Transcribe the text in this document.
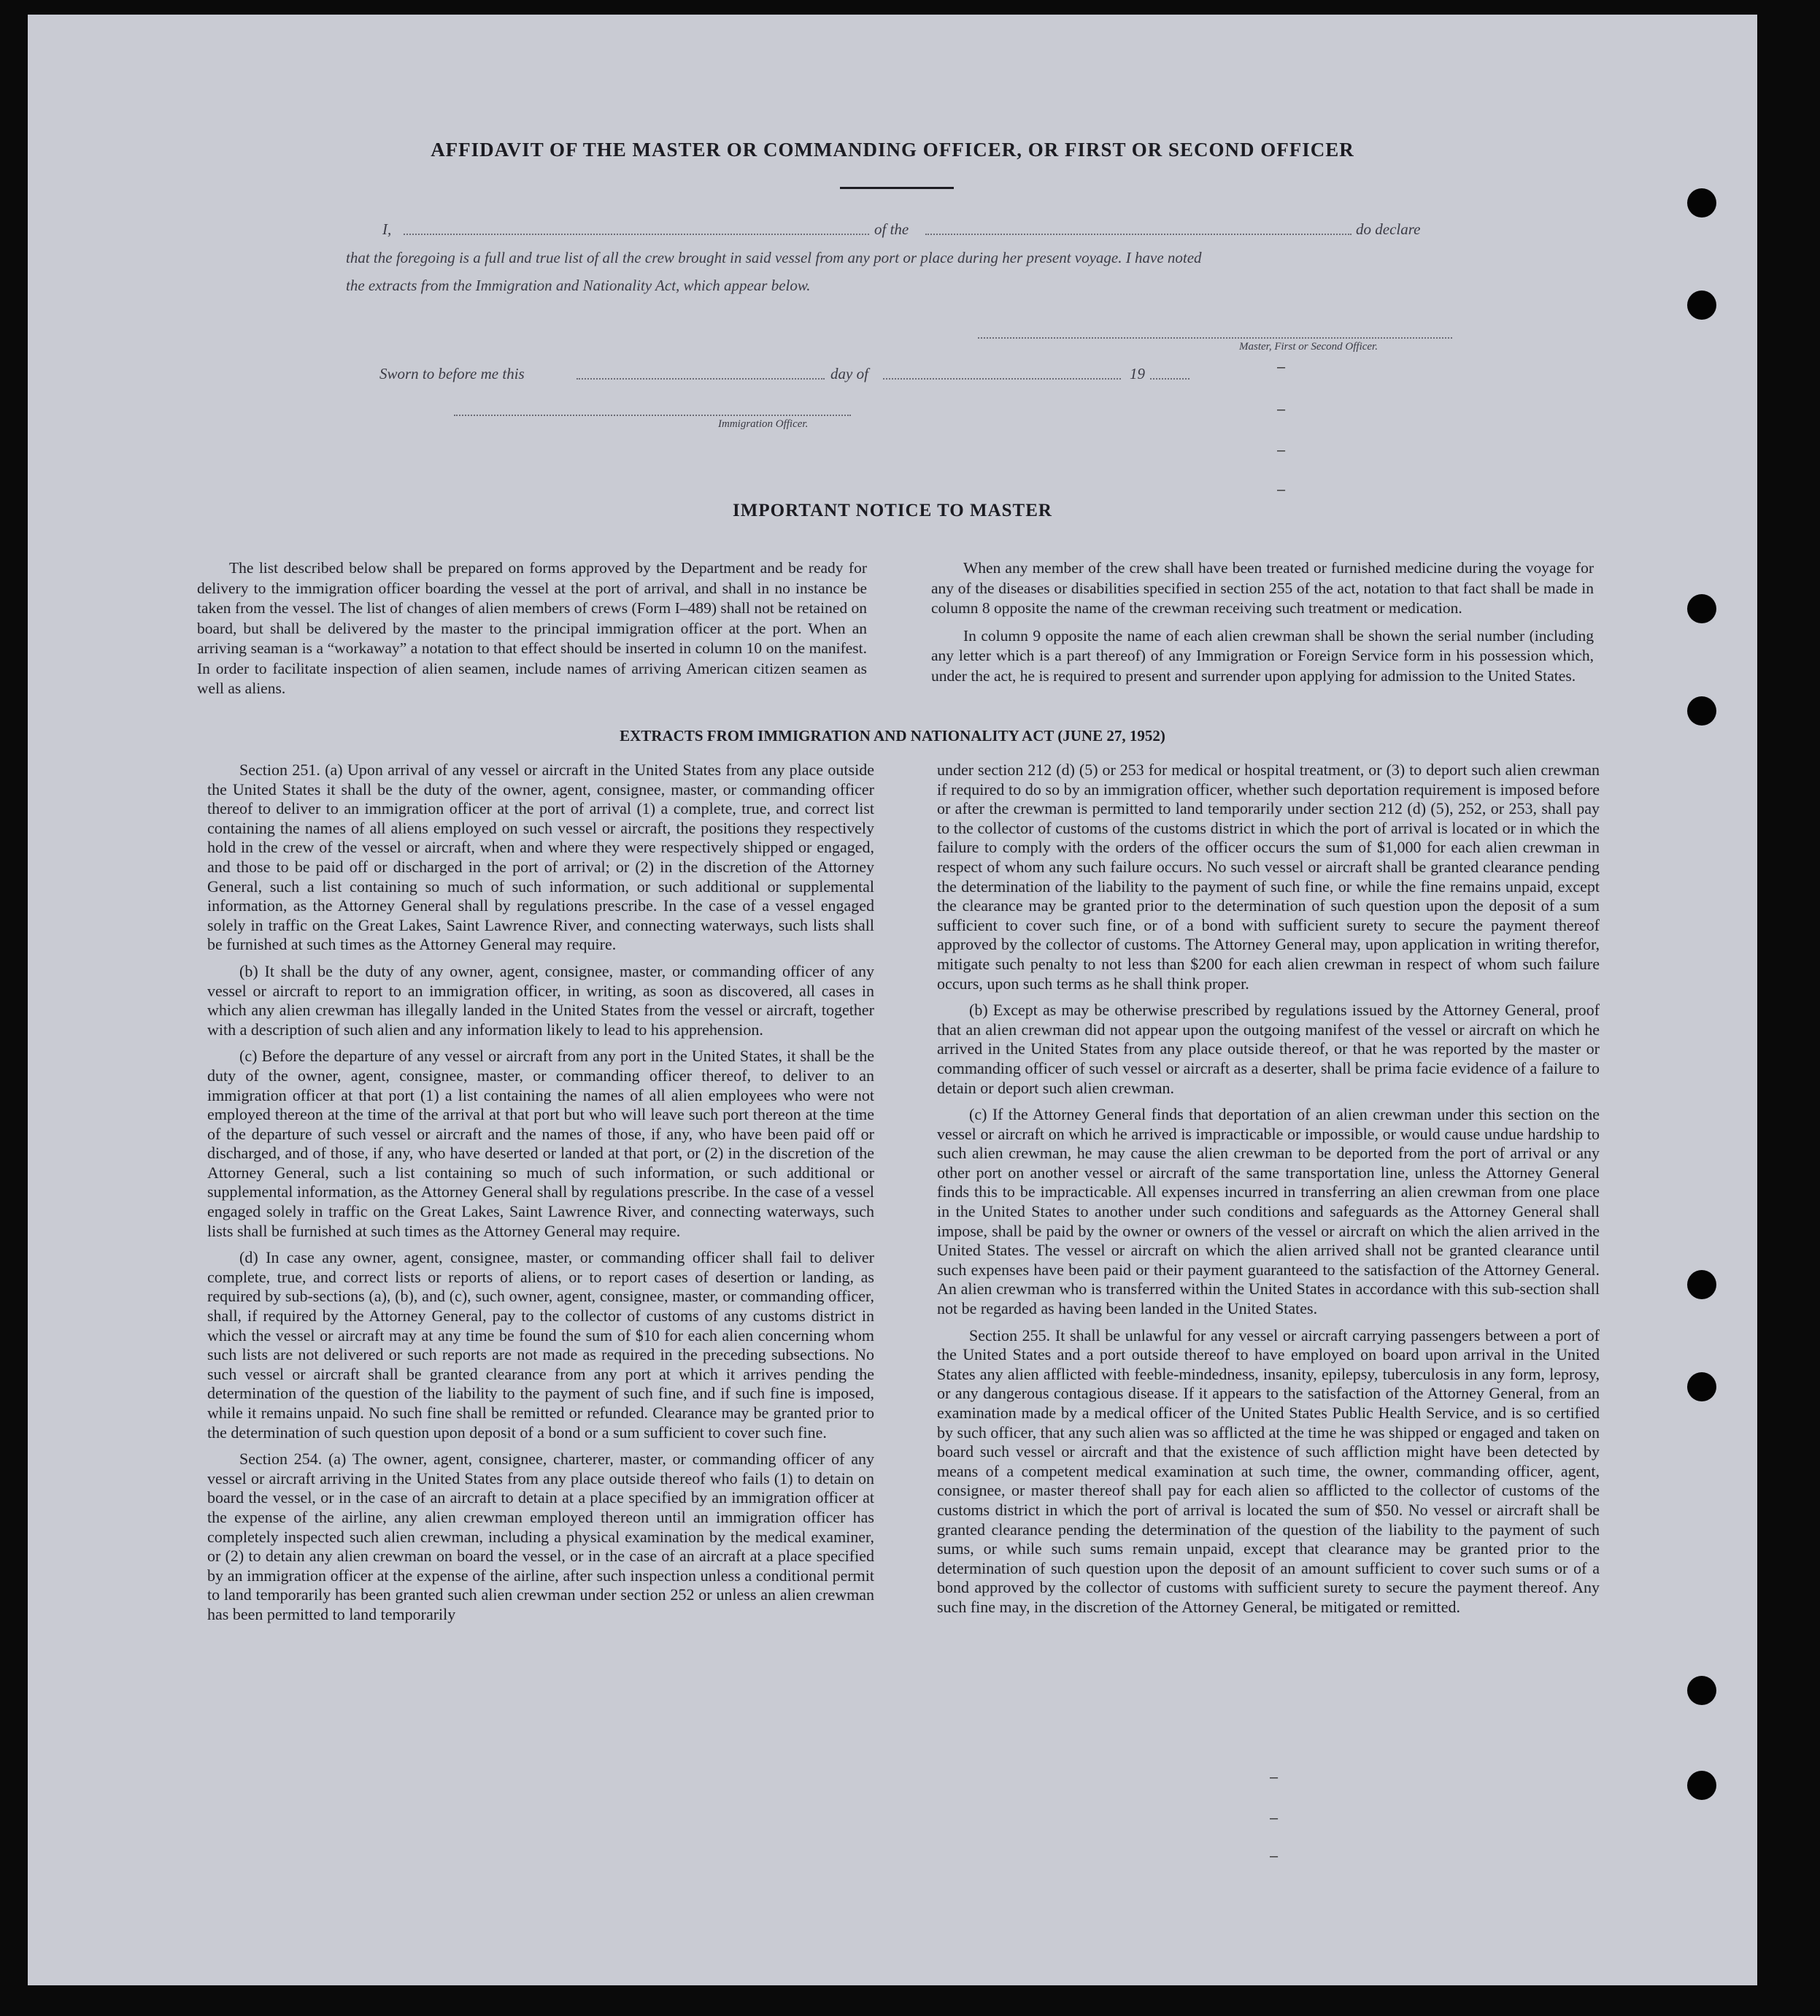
AFFIDAVIT OF THE MASTER OR COMMANDING OFFICER, OR FIRST OR SECOND OFFICER
I,	of the	do declare
that the foregoing is a full and true list of all the crew brought in said vessel from any port or place during her present voyage. I have noted
the extracts from the Immigration and Nationality Act, which appear below.
Master, First or Second Officer.
Sworn to before me this	day of	19
Immigration Officer.
IMPORTANT NOTICE TO MASTER

The list described below shall be prepared on forms approved by the Department and be ready for delivery to the immigration officer boarding the vessel at the port of arrival, and shall in no instance be taken from the vessel. The list of changes of alien members of crews (Form I–489) shall not be retained on board, but shall be delivered by the master to the principal immigration officer at the port. When an arriving seaman is a “workaway” a notation to that effect should be inserted in column 10 on the manifest. In order to facilitate inspection of alien seamen, include names of arriving American citizen seamen as well as aliens.

When any member of the crew shall have been treated or furnished medicine during the voyage for any of the diseases or disabilities specified in section 255 of the act, notation to that fact shall be made in column 8 opposite the name of the crewman receiving such treatment or medication.

In column 9 opposite the name of each alien crewman shall be shown the serial number (including any letter which is a part thereof) of any Immigration or Foreign Service form in his possession which, under the act, he is required to present and surrender upon applying for admission to the United States.

EXTRACTS FROM IMMIGRATION AND NATIONALITY ACT (JUNE 27, 1952)

Section 251. (a) Upon arrival of any vessel or aircraft in the United States from any place outside the United States it shall be the duty of the owner, agent, consignee, master, or commanding officer thereof to deliver to an immigration officer at the port of arrival (1) a complete, true, and correct list containing the names of all aliens employed on such vessel or aircraft, the positions they respectively hold in the crew of the vessel or aircraft, when and where they were respectively shipped or engaged, and those to be paid off or discharged in the port of arrival; or (2) in the discretion of the Attorney General, such a list containing so much of such information, or such additional or supplemental information, as the Attorney General shall by regulations prescribe. In the case of a vessel engaged solely in traffic on the Great Lakes, Saint Lawrence River, and connecting waterways, such lists shall be furnished at such times as the Attorney General may require.

(b) It shall be the duty of any owner, agent, consignee, master, or commanding officer of any vessel or aircraft to report to an immigration officer, in writing, as soon as discovered, all cases in which any alien crewman has illegally landed in the United States from the vessel or aircraft, together with a description of such alien and any information likely to lead to his apprehension.

(c) Before the departure of any vessel or aircraft from any port in the United States, it shall be the duty of the owner, agent, consignee, master, or commanding officer thereof, to deliver to an immigration officer at that port (1) a list containing the names of all alien employees who were not employed thereon at the time of the arrival at that port but who will leave such port thereon at the time of the departure of such vessel or aircraft and the names of those, if any, who have been paid off or discharged, and of those, if any, who have deserted or landed at that port, or (2) in the discretion of the Attorney General, such a list containing so much of such information, or such additional or supplemental information, as the Attorney General shall by regulations prescribe. In the case of a vessel engaged solely in traffic on the Great Lakes, Saint Lawrence River, and connecting waterways, such lists shall be furnished at such times as the Attorney General may require.

(d) In case any owner, agent, consignee, master, or commanding officer shall fail to deliver complete, true, and correct lists or reports of aliens, or to report cases of desertion or landing, as required by sub-sections (a), (b), and (c), such owner, agent, consignee, master, or commanding officer, shall, if required by the Attorney General, pay to the collector of customs of any customs district in which the vessel or aircraft may at any time be found the sum of $10 for each alien concerning whom such lists are not delivered or such reports are not made as required in the preceding subsections. No such vessel or aircraft shall be granted clearance from any port at which it arrives pending the determination of the question of the liability to the payment of such fine, and if such fine is imposed, while it remains unpaid. No such fine shall be remitted or refunded. Clearance may be granted prior to the determination of such question upon deposit of a bond or a sum sufficient to cover such fine.

Section 254. (a) The owner, agent, consignee, charterer, master, or commanding officer of any vessel or aircraft arriving in the United States from any place outside thereof who fails (1) to detain on board the vessel, or in the case of an aircraft to detain at a place specified by an immigration officer at the expense of the airline, any alien crewman employed thereon until an immigration officer has completely inspected such alien crewman, including a physical examination by the medical examiner, or (2) to detain any alien crewman on board the vessel, or in the case of an aircraft at a place specified by an immigration officer at the expense of the airline, after such inspection unless a conditional permit to land temporarily has been granted such alien crewman under section 252 or unless an alien crewman has been permitted to land temporarily

under section 212 (d) (5) or 253 for medical or hospital treatment, or (3) to deport such alien crewman if required to do so by an immigration officer, whether such deportation requirement is imposed before or after the crewman is permitted to land temporarily under section 212 (d) (5), 252, or 253, shall pay to the collector of customs of the customs district in which the port of arrival is located or in which the failure to comply with the orders of the officer occurs the sum of $1,000 for each alien crewman in respect of whom any such failure occurs. No such vessel or aircraft shall be granted clearance pending the determination of the liability to the payment of such fine, or while the fine remains unpaid, except the clearance may be granted prior to the determination of such question upon the deposit of a sum sufficient to cover such fine, or of a bond with sufficient surety to secure the payment thereof approved by the collector of customs. The Attorney General may, upon application in writing therefor, mitigate such penalty to not less than $200 for each alien crewman in respect of whom such failure occurs, upon such terms as he shall think proper.

(b) Except as may be otherwise prescribed by regulations issued by the Attorney General, proof that an alien crewman did not appear upon the outgoing manifest of the vessel or aircraft on which he arrived in the United States from any place outside thereof, or that he was reported by the master or commanding officer of such vessel or aircraft as a deserter, shall be prima facie evidence of a failure to detain or deport such alien crewman.

(c) If the Attorney General finds that deportation of an alien crewman under this section on the vessel or aircraft on which he arrived is impracticable or impossible, or would cause undue hardship to such alien crewman, he may cause the alien crewman to be deported from the port of arrival or any other port on another vessel or aircraft of the same transportation line, unless the Attorney General finds this to be impracticable. All expenses incurred in transferring an alien crewman from one place in the United States to another under such conditions and safeguards as the Attorney General shall impose, shall be paid by the owner or owners of the vessel or aircraft on which the alien arrived in the United States. The vessel or aircraft on which the alien arrived shall not be granted clearance until such expenses have been paid or their payment guaranteed to the satisfaction of the Attorney General. An alien crewman who is transferred within the United States in accordance with this sub-section shall not be regarded as having been landed in the United States.

Section 255. It shall be unlawful for any vessel or aircraft carrying passengers between a port of the United States and a port outside thereof to have employed on board upon arrival in the United States any alien afflicted with feeble-mindedness, insanity, epilepsy, tuberculosis in any form, leprosy, or any dangerous contagious disease. If it appears to the satisfaction of the Attorney General, from an examination made by a medical officer of the United States Public Health Service, and is so certified by such officer, that any such alien was so afflicted at the time he was shipped or engaged and taken on board such vessel or aircraft and that the existence of such affliction might have been detected by means of a competent medical examination at such time, the owner, commanding officer, agent, consignee, or master thereof shall pay for each alien so afflicted to the collector of customs of the customs district in which the port of arrival is located the sum of $50. No vessel or aircraft shall be granted clearance pending the determination of the question of the liability to the payment of such sums, or while such sums remain unpaid, except that clearance may be granted prior to the determination of such question upon the deposit of an amount sufficient to cover such sums or of a bond approved by the collector of customs with sufficient surety to secure the payment thereof. Any such fine may, in the discretion of the Attorney General, be mitigated or remitted.

–
–
–
–
–
–
–
